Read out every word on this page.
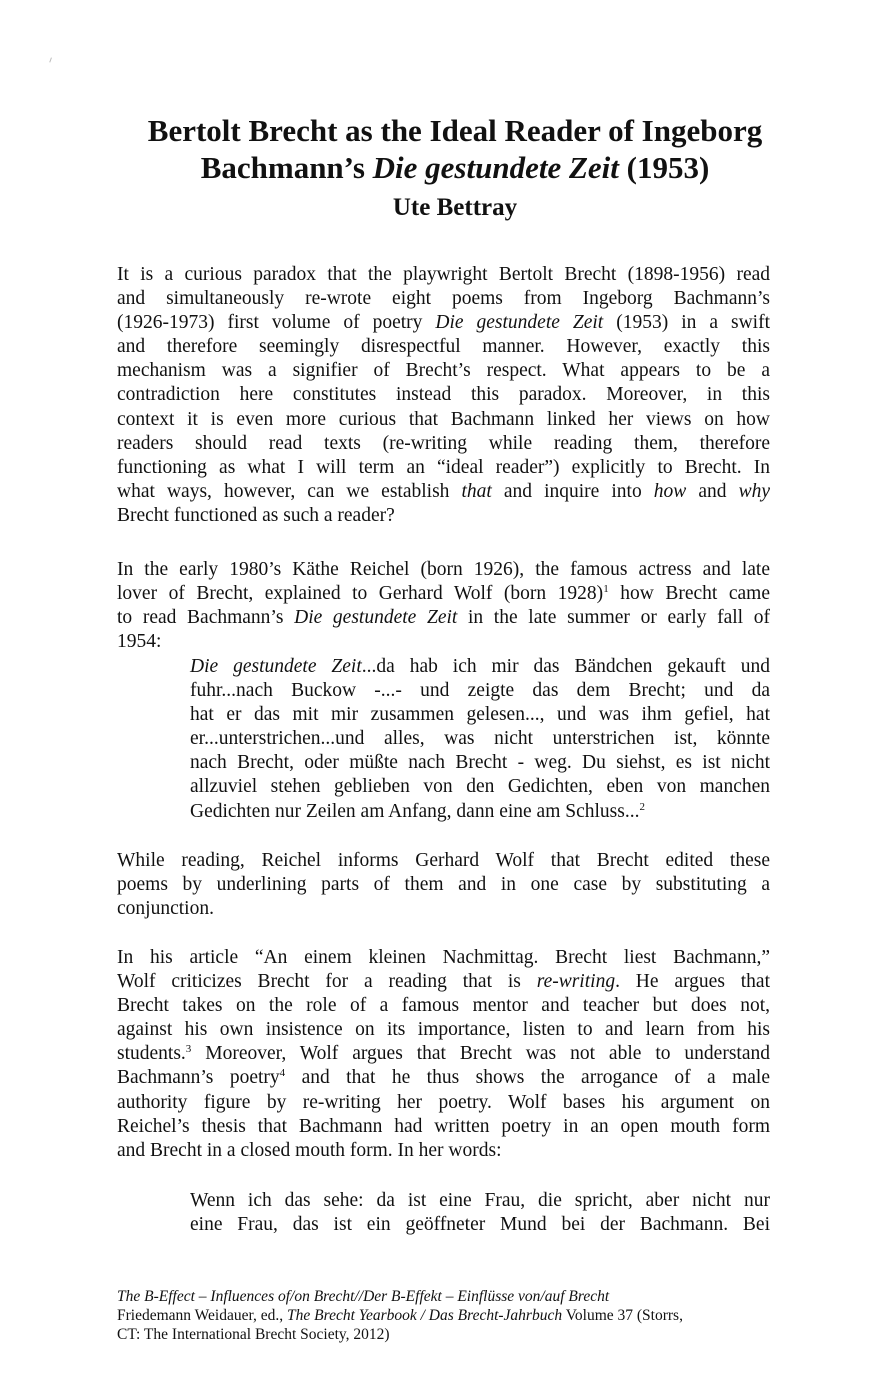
Bertolt Brecht as the Ideal Reader of Ingeborg
Bachmann’s Die gestundete Zeit (1953)
Ute Bettray
It is a curious paradox that the playwright Bertolt Brecht (1898-1956) read
and simultaneously re-wrote eight poems from Ingeborg Bachmann’s
(1926-1973) first volume of poetry Die gestundete Zeit (1953) in a swift
and therefore seemingly disrespectful manner. However, exactly this
mechanism was a signifier of Brecht’s respect. What appears to be a
contradiction here constitutes instead this paradox. Moreover, in this
context it is even more curious that Bachmann linked her views on how
readers should read texts (re-writing while reading them, therefore
functioning as what I will term an “ideal reader”) explicitly to Brecht. In
what ways, however, can we establish that and inquire into how and why
Brecht functioned as such a reader?
In the early 1980’s Käthe Reichel (born 1926), the famous actress and late
lover of Brecht, explained to Gerhard Wolf (born 1928)$^1$ how Brecht came
to read Bachmann’s Die gestundete Zeit in the late summer or early fall of
1954:
Die gestundete Zeit...da hab ich mir das Bändchen gekauft und
fuhr...nach Buckow -...- und zeigte das dem Brecht; und da
hat er das mit mir zusammen gelesen..., und was ihm gefiel, hat
er...unterstrichen...und alles, was nicht unterstrichen ist, könnte
nach Brecht, oder müßte nach Brecht - weg. Du siehst, es ist nicht
allzuviel stehen geblieben von den Gedichten, eben von manchen
Gedichten nur Zeilen am Anfang, dann eine am Schluss...$^2$
While reading, Reichel informs Gerhard Wolf that Brecht edited these
poems by underlining parts of them and in one case by substituting a
conjunction.
In his article “An einem kleinen Nachmittag. Brecht liest Bachmann,”
Wolf criticizes Brecht for a reading that is re-writing. He argues that
Brecht takes on the role of a famous mentor and teacher but does not,
against his own insistence on its importance, listen to and learn from his
students.$^3$ Moreover, Wolf argues that Brecht was not able to understand
Bachmann’s poetry$^4$ and that he thus shows the arrogance of a male
authority figure by re-writing her poetry. Wolf bases his argument on
Reichel’s thesis that Bachmann had written poetry in an open mouth form
and Brecht in a closed mouth form. In her words:
Wenn ich das sehe: da ist eine Frau, die spricht, aber nicht nur
eine Frau, das ist ein geöffneter Mund bei der Bachmann. Bei
The B-Effect – Influences of/on Brecht//Der B-Effekt – Einflüsse von/auf Brecht
Friedemann Weidauer, ed., The Brecht Yearbook / Das Brecht-Jahrbuch Volume 37 (Storrs,
CT: The International Brecht Society, 2012)
